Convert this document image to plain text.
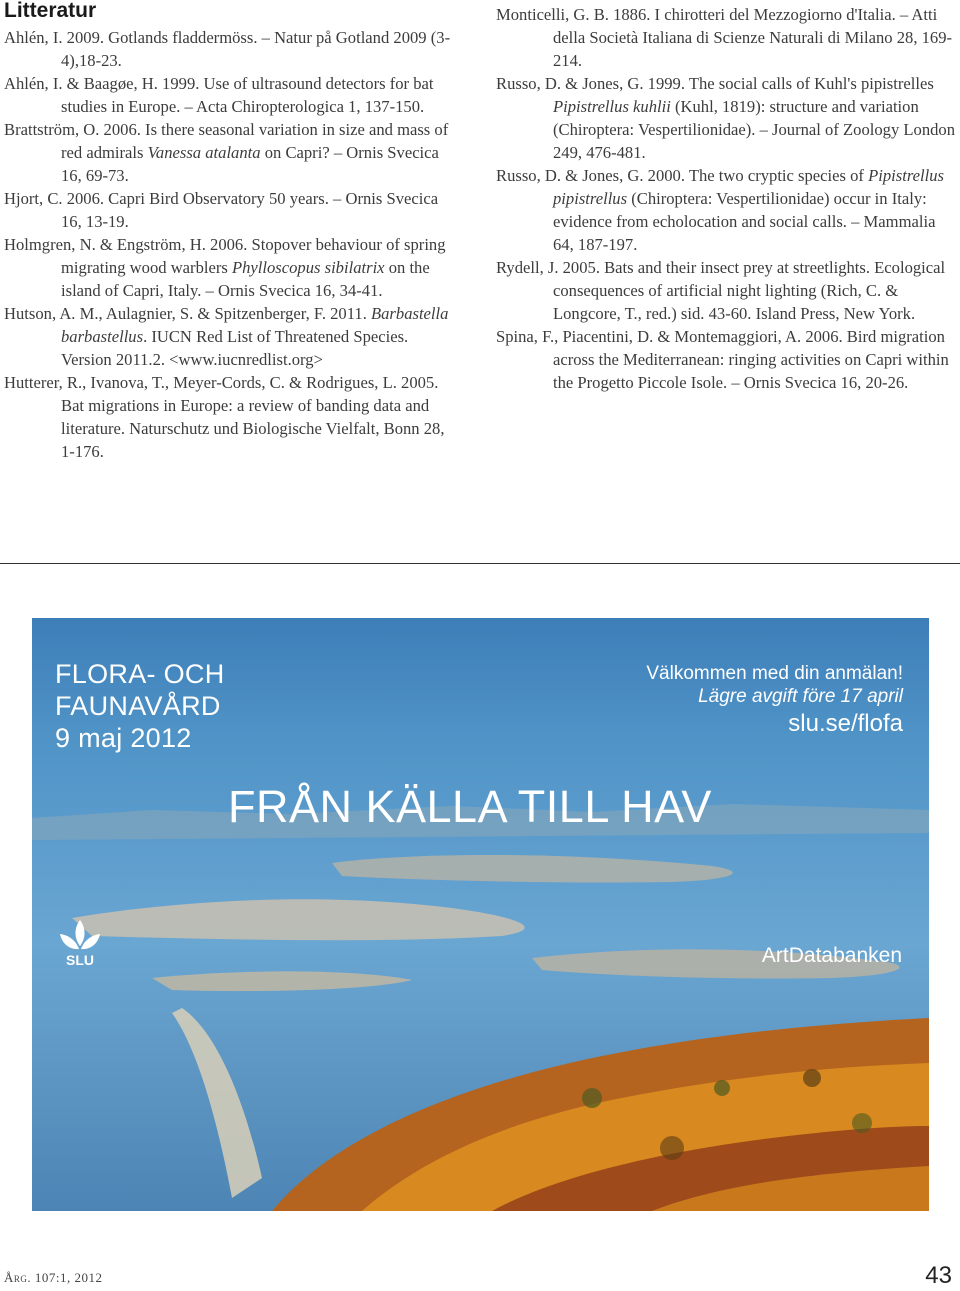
Litteratur

Ahlén, I. 2009. Gotlands fladdermöss. – Natur på Gotland 2009 (3-4),18-23.

Ahlén, I. & Baagøe, H. 1999. Use of ultrasound detectors for bat studies in Europe. – Acta Chiropterologica 1, 137-150.

Brattström, O. 2006. Is there seasonal variation in size and mass of red admirals Vanessa atalanta on Capri? – Ornis Svecica 16, 69-73.

Hjort, C. 2006. Capri Bird Observatory 50 years. – Ornis Svecica 16, 13-19.

Holmgren, N. & Engström, H. 2006. Stopover behaviour of spring migrating wood warblers Phylloscopus sibilatrix on the island of Capri, Italy. – Ornis Svecica 16, 34-41.

Hutson, A. M., Aulagnier, S. & Spitzenberger, F. 2011. Barbastella barbastellus. IUCN Red List of Threatened Species. Version 2011.2. <www.iucnredlist.org>

Hutterer, R., Ivanova, T., Meyer-Cords, C. & Rodrigues, L. 2005. Bat migrations in Europe: a review of banding data and literature. Naturschutz und Biologische Vielfalt, Bonn 28, 1-176.

Monticelli, G. B. 1886. I chirotteri del Mezzogiorno d'Italia. – Atti della Società Italiana di Scienze Naturali di Milano 28, 169-214.

Russo, D. & Jones, G. 1999. The social calls of Kuhl's pipistrelles Pipistrellus kuhlii (Kuhl, 1819): structure and variation (Chiroptera: Vespertilionidae). – Journal of Zoology London 249, 476-481.

Russo, D. & Jones, G. 2000. The two cryptic species of Pipistrellus pipistrellus (Chiroptera: Vespertilionidae) occur in Italy: evidence from echolocation and social calls. – Mammalia 64, 187-197.

Rydell, J. 2005. Bats and their insect prey at streetlights. Ecological consequences of artificial night lighting (Rich, C. & Longcore, T., red.) sid. 43-60. Island Press, New York.

Spina, F., Piacentini, D. & Montemaggiori, A. 2006. Bird migration across the Mediterranean: ringing activities on Capri within the Progetto Piccole Isole. – Ornis Svecica 16, 20-26.

FLORA- OCH
FAUNAVÅRD
9 maj 2012
Välkommen med din anmälan!
Lägre avgift före 17 april
slu.se/flofa
FRÅN KÄLLA TILL HAV
SLU	ArtDatabanken
Årg. 107:1, 2012	43
